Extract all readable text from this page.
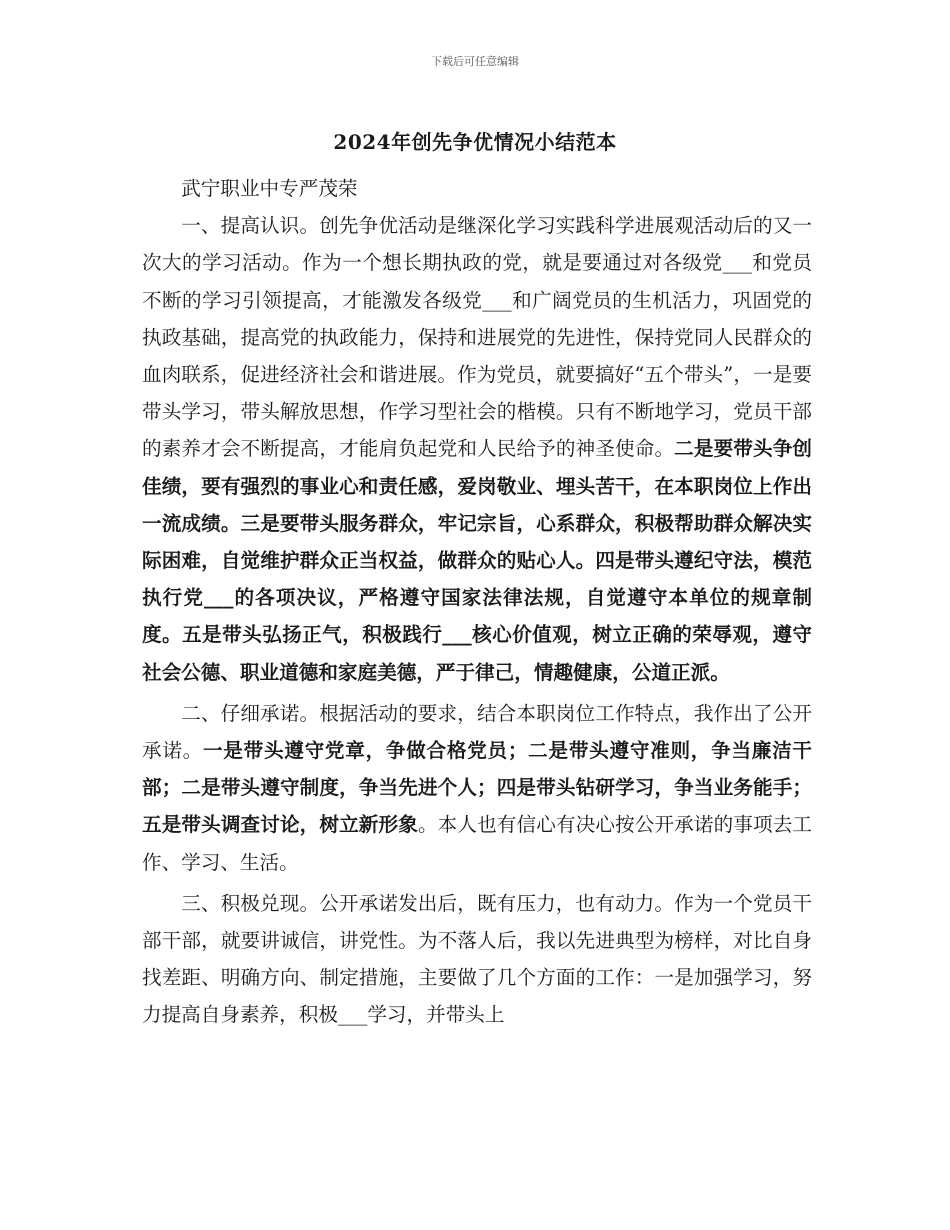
下载后可任意编辑
2024年创先争优情况小结范本

武宁职业中专严茂荣

一、提高认识。创先争优活动是继深化学习实践科学进展观活动后的又一次大的学习活动。作为一个想长期执政的党，就是要通过对各级党___和党员不断的学习引领提高，才能激发各级党___和广阔党员的生机活力，巩固党的执政基础，提高党的执政能力，保持和进展党的先进性，保持党同人民群众的血肉联系，促进经济社会和谐进展。作为党员，就要搞好“五个带头”，一是要带头学习，带头解放思想，作学习型社会的楷模。只有不断地学习，党员干部的素养才会不断提高，才能肩负起党和人民给予的神圣使命。二是要带头争创佳绩，要有强烈的事业心和责任感，爱岗敬业、埋头苦干，在本职岗位上作出一流成绩。三是要带头服务群众，牢记宗旨，心系群众，积极帮助群众解决实际困难，自觉维护群众正当权益，做群众的贴心人。四是带头遵纪守法，模范执行党___的各项决议，严格遵守国家法律法规，自觉遵守本单位的规章制度。五是带头弘扬正气，积极践行___核心价值观，树立正确的荣辱观，遵守社会公德、职业道德和家庭美德，严于律己，情趣健康，公道正派。

二、仔细承诺。根据活动的要求，结合本职岗位工作特点，我作出了公开承诺。一是带头遵守党章，争做合格党员；二是带头遵守准则，争当廉洁干部；二是带头遵守制度，争当先进个人；四是带头钻研学习，争当业务能手；五是带头调查讨论，树立新形象。本人也有信心有决心按公开承诺的事项去工作、学习、生活。

三、积极兑现。公开承诺发出后，既有压力，也有动力。作为一个党员干部干部，就要讲诚信，讲党性。为不落人后，我以先进典型为榜样，对比自身找差距、明确方向、制定措施，主要做了几个方面的工作：一是加强学习，努力提高自身素养，积极___学习，并带头上
